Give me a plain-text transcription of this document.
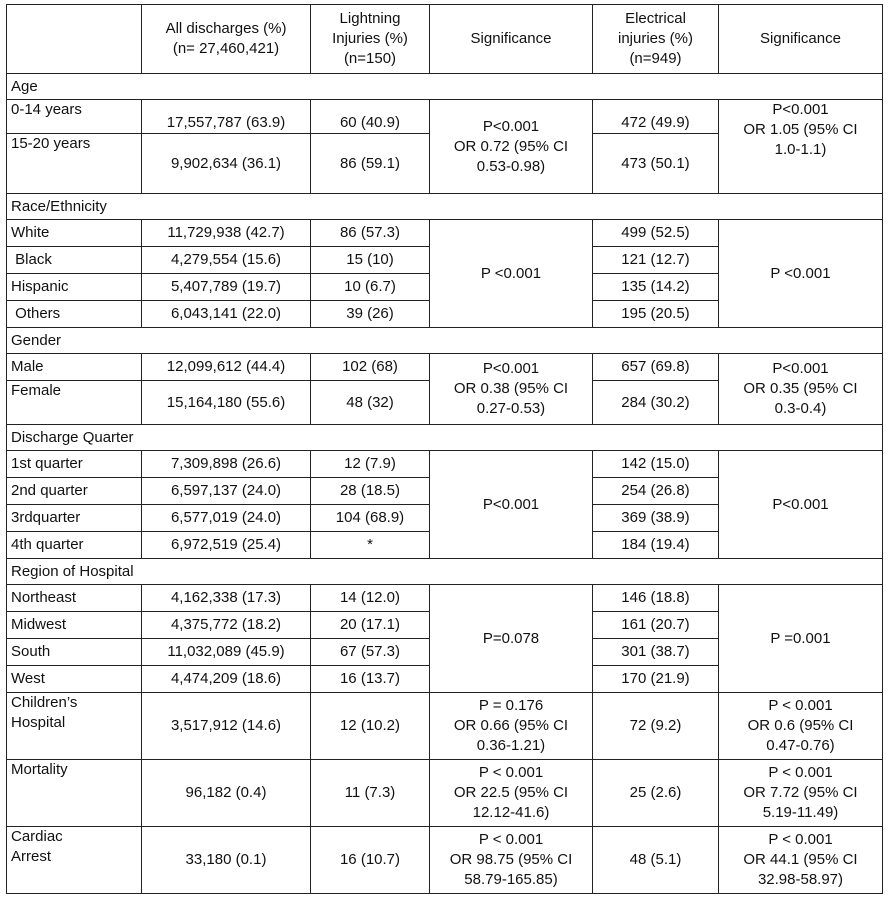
	All discharges (%)
(n= 27,460,421)	Lightning
Injuries (%)
(n=150)	Significance	Electrical
injuries (%)
(n=949)	Significance
Age					
0-14 years	17,557,787 (63.9)	60 (40.9)	P<0.001
OR 0.72 (95% CI
0.53-0.98)	472 (49.9)	P<0.001
OR 1.05 (95% CI
1.0-1.1)
15-20 years	9,902,634 (36.1)	86 (59.1)		473 (50.1)	
Race/Ethnicity					
White	11,729,938 (42.7)	86 (57.3)	P <0.001	499 (52.5)	P <0.001
Black	4,279,554 (15.6)	15 (10)		121 (12.7)	
Hispanic	5,407,789 (19.7)	10 (6.7)		135 (14.2)	
Others	6,043,141 (22.0)	39 (26)		195 (20.5)	
Gender					
Male	12,099,612 (44.4)	102 (68)	P<0.001
OR 0.38 (95% CI
0.27-0.53)	657 (69.8)	P<0.001
OR 0.35 (95% CI
0.3-0.4)
Female	15,164,180 (55.6)	48 (32)		284 (30.2)	
Discharge Quarter					
1st quarter	7,309,898 (26.6)	12 (7.9)	P<0.001	142 (15.0)	P<0.001
2nd quarter	6,597,137 (24.0)	28 (18.5)		254 (26.8)	
3rdquarter	6,577,019 (24.0)	104 (68.9)		369 (38.9)	
4th quarter	6,972,519 (25.4)	*		184 (19.4)	
Region of Hospital					
Northeast	4,162,338 (17.3)	14 (12.0)	P=0.078	146 (18.8)	P =0.001
Midwest	4,375,772 (18.2)	20 (17.1)		161 (20.7)	
South	11,032,089 (45.9)	67 (57.3)		301 (38.7)	
West	4,474,209 (18.6)	16 (13.7)		170 (21.9)	
Children’s
Hospital	3,517,912 (14.6)	12 (10.2)	P = 0.176
OR 0.66 (95% CI
0.36-1.21)	72 (9.2)	P < 0.001
OR 0.6 (95% CI
0.47-0.76)
Mortality	96,182 (0.4)	11 (7.3)	P < 0.001
OR 22.5 (95% CI
12.12-41.6)	25 (2.6)	P < 0.001
OR 7.72 (95% CI
5.19-11.49)
Cardiac
Arrest	33,180 (0.1)	16 (10.7)	P < 0.001
OR 98.75 (95% CI
58.79-165.85)	48 (5.1)	P < 0.001
OR 44.1 (95% CI
32.98-58.97)
